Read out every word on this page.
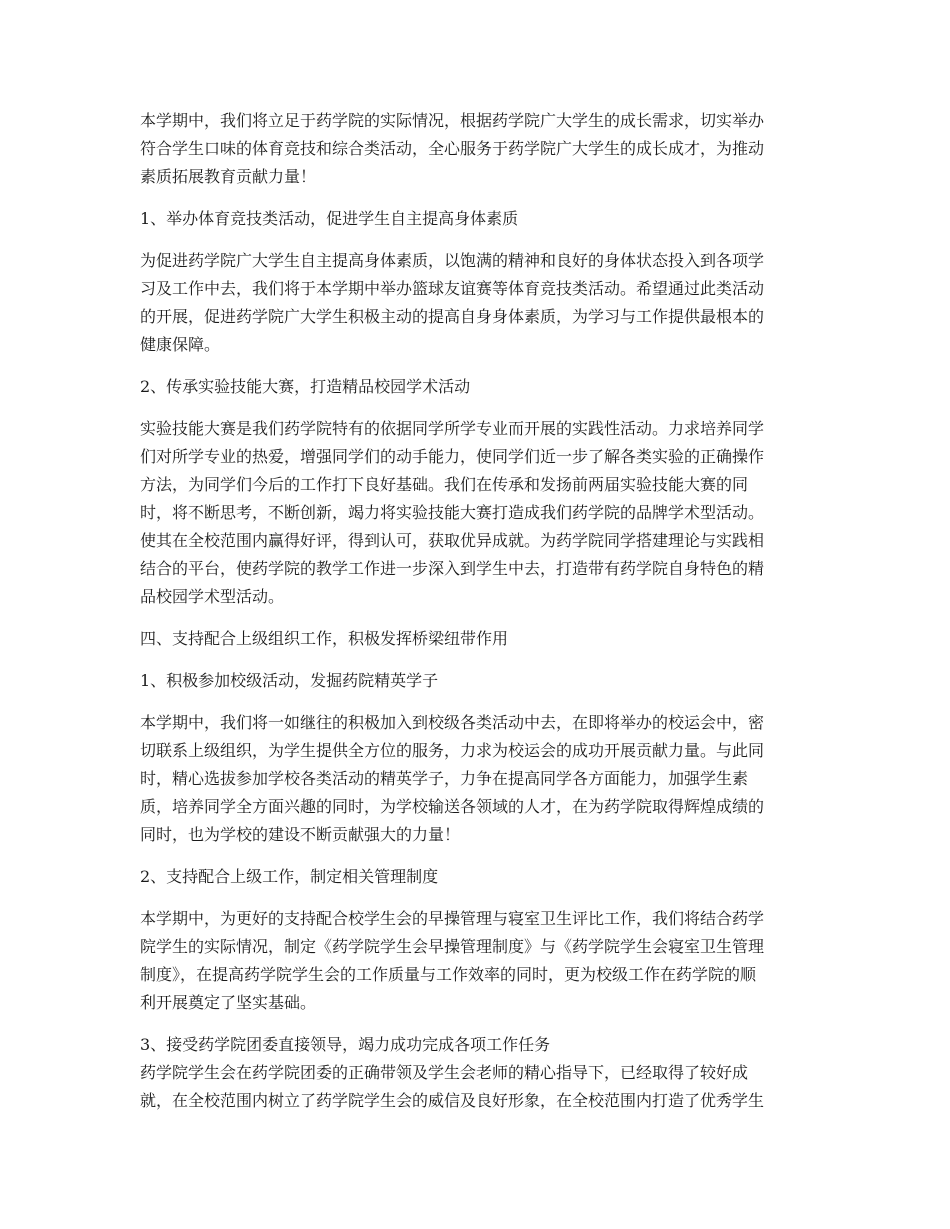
本学期中，我们将立足于药学院的实际情况，根据药学院广大学生的成长需求，切实举办
符合学生口味的体育竞技和综合类活动，全心服务于药学院广大学生的成长成才，为推动
素质拓展教育贡献力量！

1、举办体育竞技类活动，促进学生自主提高身体素质

为促进药学院广大学生自主提高身体素质，以饱满的精神和良好的身体状态投入到各项学
习及工作中去，我们将于本学期中举办篮球友谊赛等体育竞技类活动。希望通过此类活动
的开展，促进药学院广大学生积极主动的提高自身身体素质，为学习与工作提供最根本的
健康保障。

2、传承实验技能大赛，打造精品校园学术活动

实验技能大赛是我们药学院特有的依据同学所学专业而开展的实践性活动。力求培养同学
们对所学专业的热爱，增强同学们的动手能力，使同学们近一步了解各类实验的正确操作
方法，为同学们今后的工作打下良好基础。我们在传承和发扬前两届实验技能大赛的同
时，将不断思考，不断创新，竭力将实验技能大赛打造成我们药学院的品牌学术型活动。
使其在全校范围内赢得好评，得到认可，获取优异成就。为药学院同学搭建理论与实践相
结合的平台，使药学院的教学工作进一步深入到学生中去，打造带有药学院自身特色的精
品校园学术型活动。

四、支持配合上级组织工作，积极发挥桥梁纽带作用

1、积极参加校级活动，发掘药院精英学子

本学期中，我们将一如继往的积极加入到校级各类活动中去，在即将举办的校运会中，密
切联系上级组织，为学生提供全方位的服务，力求为校运会的成功开展贡献力量。与此同
时，精心选拔参加学校各类活动的精英学子，力争在提高同学各方面能力，加强学生素
质，培养同学全方面兴趣的同时，为学校输送各领域的人才，在为药学院取得辉煌成绩的
同时，也为学校的建设不断贡献强大的力量！

2、支持配合上级工作，制定相关管理制度

本学期中，为更好的支持配合校学生会的早操管理与寝室卫生评比工作，我们将结合药学
院学生的实际情况，制定《药学院学生会早操管理制度》与《药学院学生会寝室卫生管理
制度》，在提高药学院学生会的工作质量与工作效率的同时，更为校级工作在药学院的顺
利开展奠定了坚实基础。

3、接受药学院团委直接领导，竭力成功完成各项工作任务

药学院学生会在药学院团委的正确带领及学生会老师的精心指导下，已经取得了较好成
就，在全校范围内树立了药学院学生会的威信及良好形象，在全校范围内打造了优秀学生
